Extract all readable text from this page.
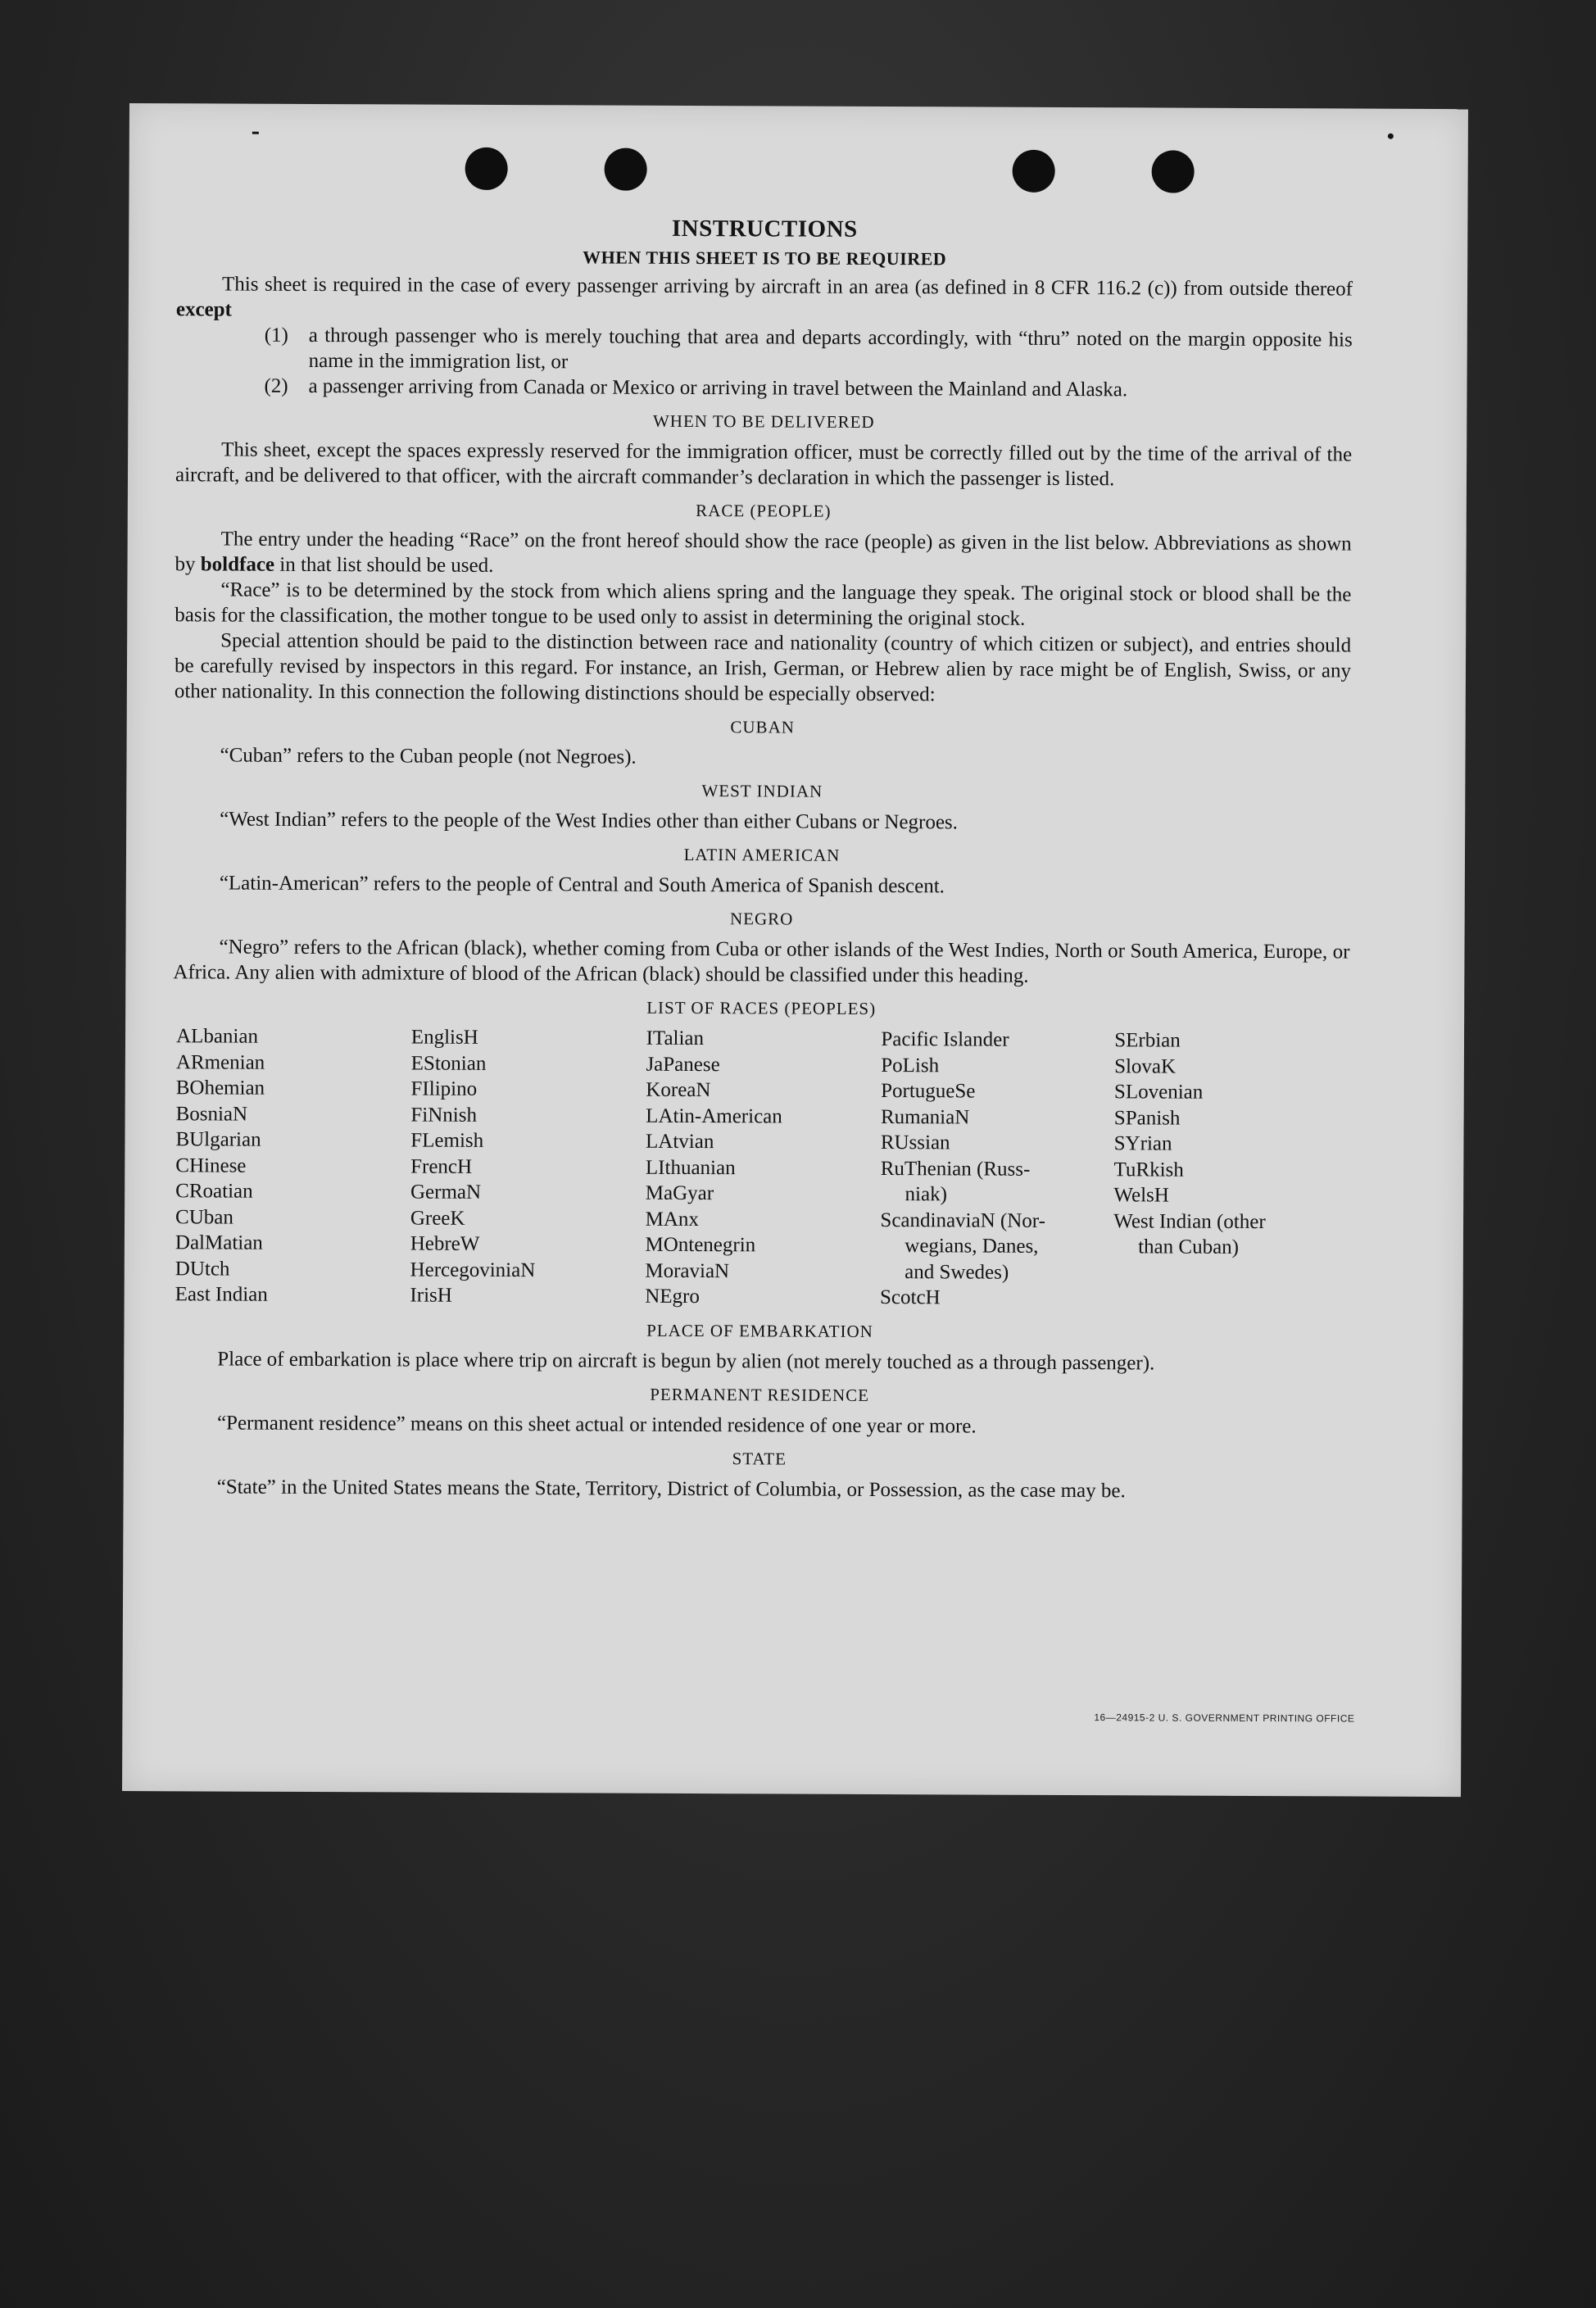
INSTRUCTIONS
WHEN THIS SHEET IS TO BE REQUIRED

This sheet is required in the case of every passenger arriving by aircraft in an area (as defined in 8 CFR 116.2 (c)) from outside thereof except

(1) a through passenger who is merely touching that area and departs accordingly, with “thru” noted on the margin opposite his name in the immigration list, or
(2) a passenger arriving from Canada or Mexico or arriving in travel between the Mainland and Alaska.
WHEN TO BE DELIVERED

This sheet, except the spaces expressly reserved for the immigration officer, must be correctly filled out by the time of the arrival of the aircraft, and be delivered to that officer, with the aircraft commander’s declaration in which the passenger is listed.

RACE (PEOPLE)

The entry under the heading “Race” on the front hereof should show the race (people) as given in the list below. Abbreviations as shown by boldface in that list should be used.

“Race” is to be determined by the stock from which aliens spring and the language they speak. The original stock or blood shall be the basis for the classification, the mother tongue to be used only to assist in determining the original stock.

Special attention should be paid to the distinction between race and nationality (country of which citizen or subject), and entries should be carefully revised by inspectors in this regard. For instance, an Irish, German, or Hebrew alien by race might be of English, Swiss, or any other nationality. In this connection the following distinctions should be especially observed:

CUBAN

“Cuban” refers to the Cuban people (not Negroes).

WEST INDIAN

“West Indian” refers to the people of the West Indies other than either Cubans or Negroes.

LATIN AMERICAN

“Latin-American” refers to the people of Central and South America of Spanish descent.

NEGRO

“Negro” refers to the African (black), whether coming from Cuba or other islands of the West Indies, North or South America, Europe, or Africa. Any alien with admixture of blood of the African (black) should be classified under this heading.

LIST OF RACES (PEOPLES)
ALbanian
ARmenian
BOhemian
BosniaN
BUlgarian
CHinese
CRoatian
CUban
DalMatian
DUtch
East Indian
EnglisH
EStonian
FIlipino
FiNnish
FLemish
FrencH
GermaN
GreeK
HebreW
HercegoviniaN
IrisH
ITalian
JaPanese
KoreaN
LAtin-American
LAtvian
LIthuanian
MaGyar
MAnx
MOntenegrin
MoraviaN
NEgro
Pacific Islander
PoLish
PortugueSe
RumaniaN
RUssian
RuThenian (Russ-
niak)
ScandinaviaN (Nor-
wegians, Danes,
and Swedes)
ScotcH
SErbian
SlovaK
SLovenian
SPanish
SYrian
TuRkish
WelsH
West Indian (other
than Cuban)
PLACE OF EMBARKATION

Place of embarkation is place where trip on aircraft is begun by alien (not merely touched as a through passenger).

PERMANENT RESIDENCE

“Permanent residence” means on this sheet actual or intended residence of one year or more.

STATE

“State” in the United States means the State, Territory, District of Columbia, or Possession, as the case may be.

16—24915-2 U. S. GOVERNMENT PRINTING OFFICE
